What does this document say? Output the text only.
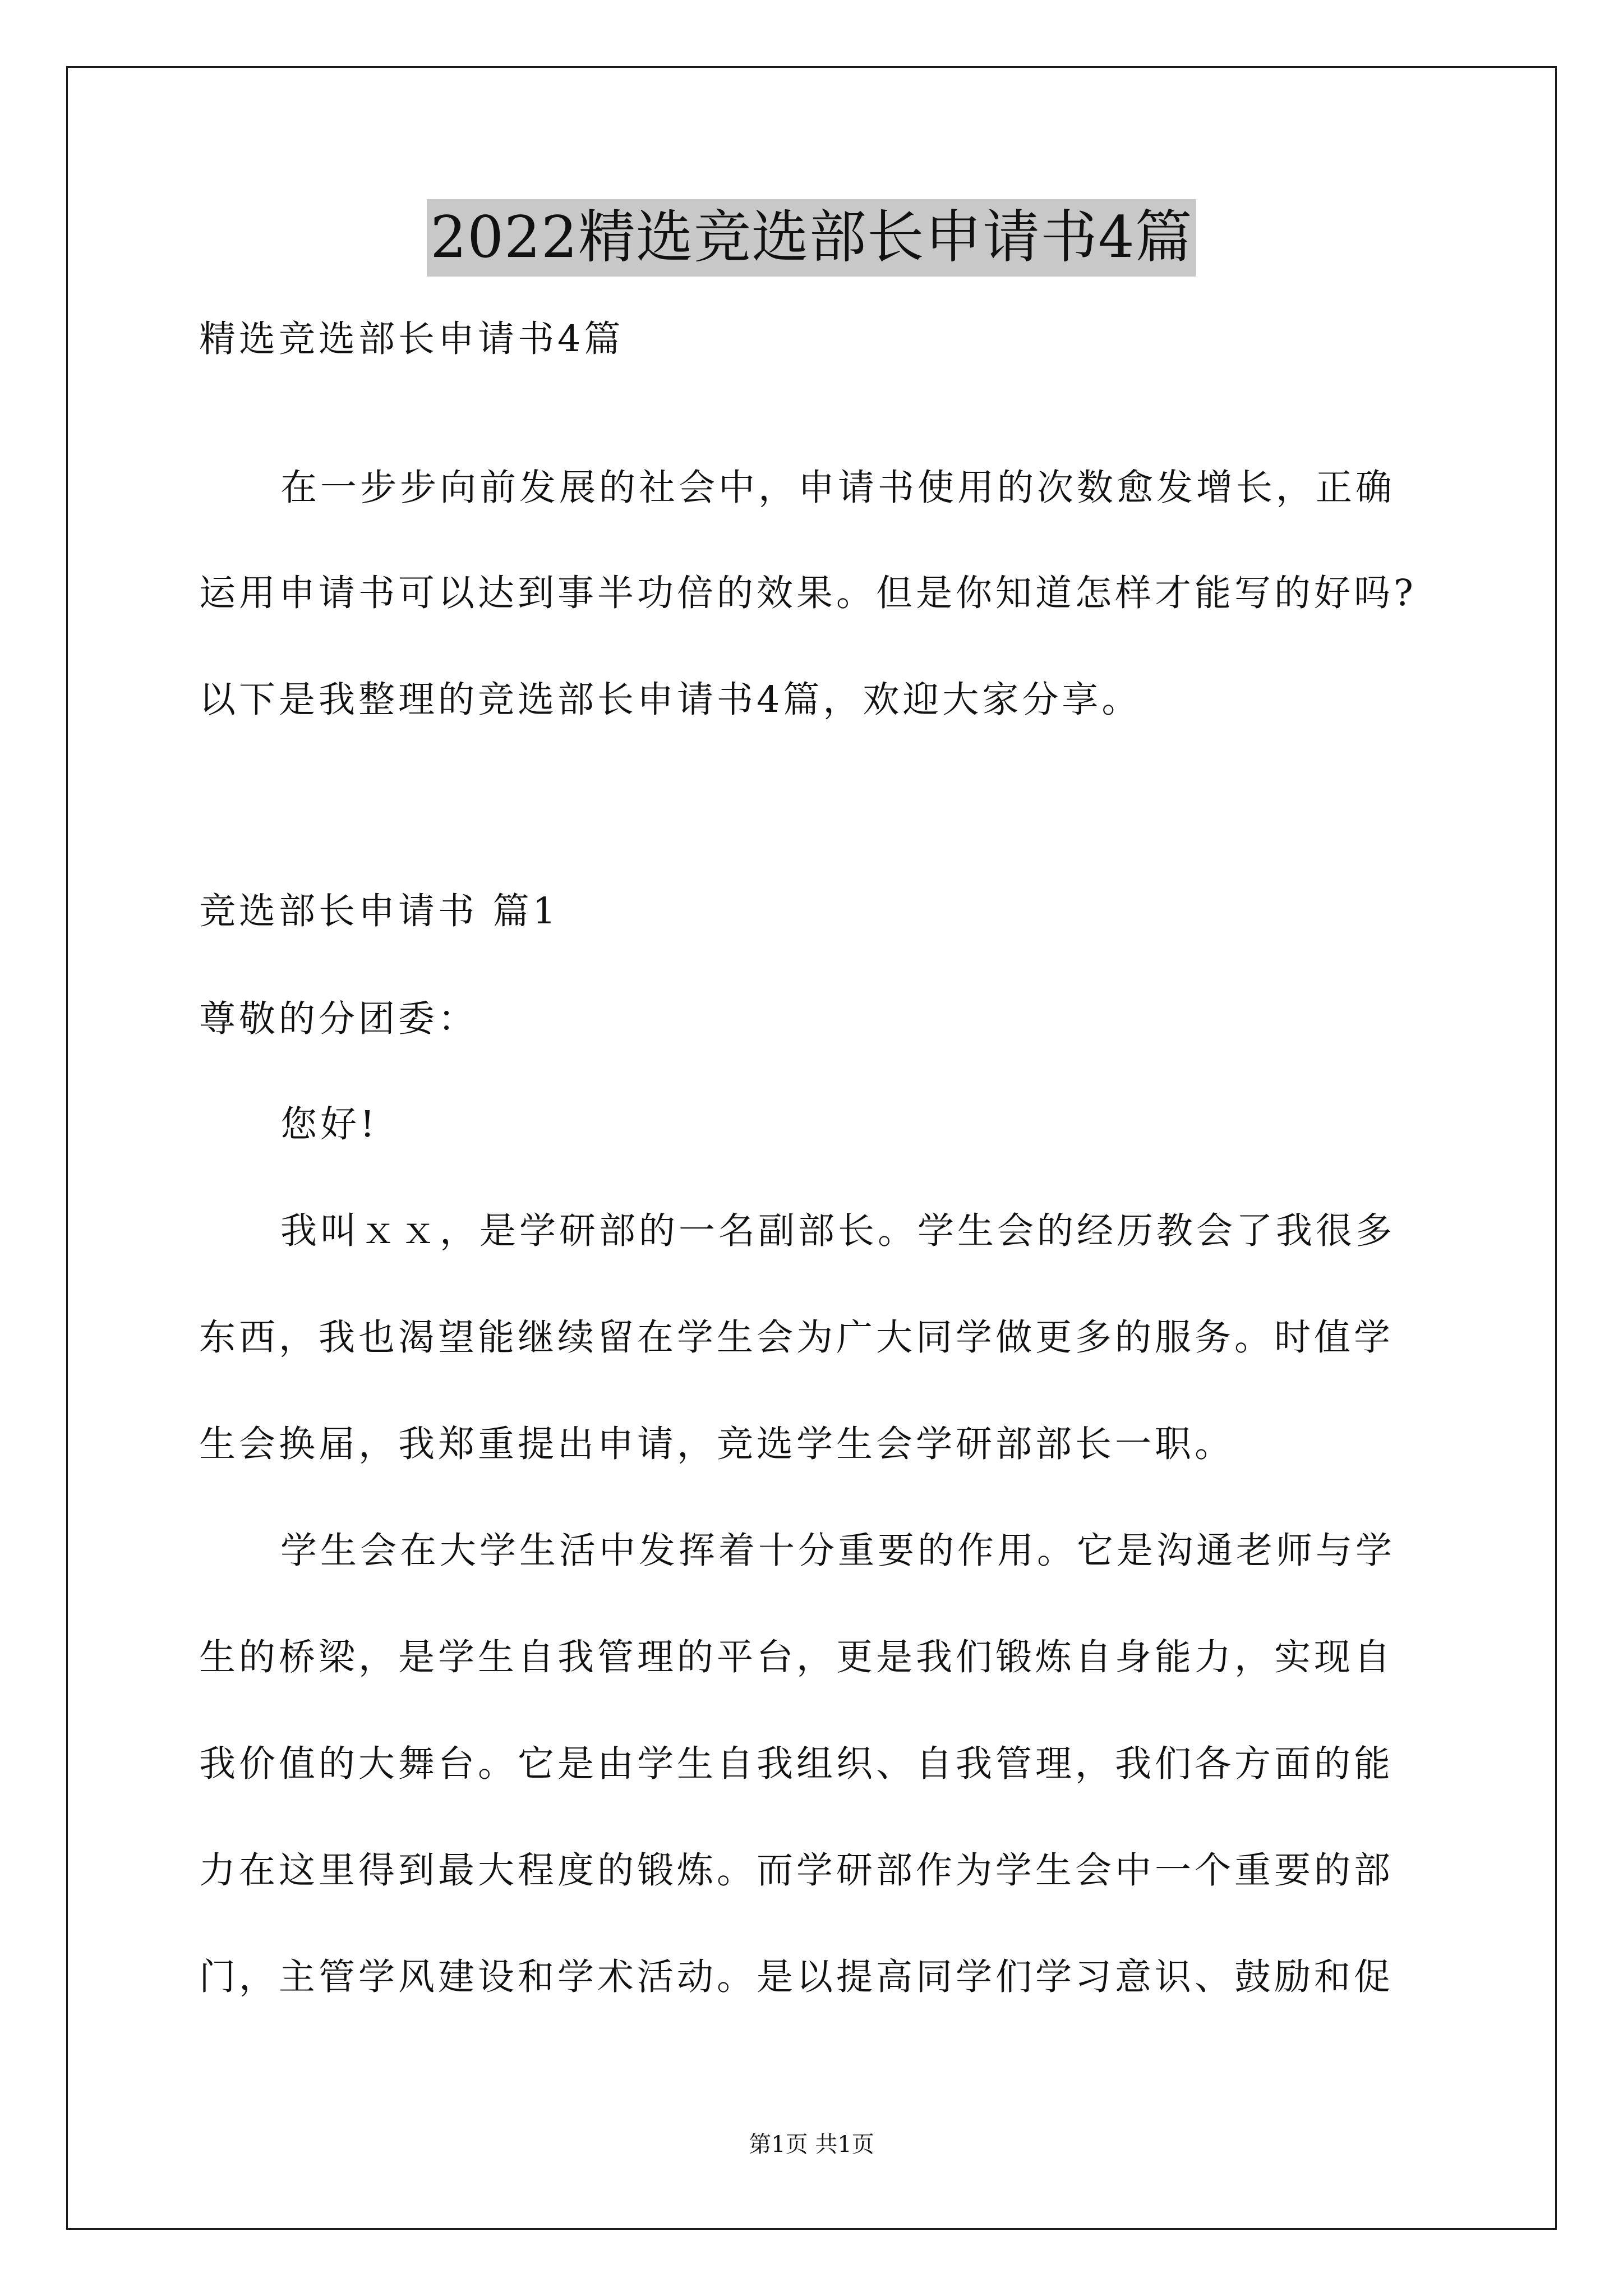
2022精选竞选部长申请书4篇
精选竞选部长申请书4篇
在一步步向前发展的社会中，申请书使用的次数愈发增长，正确
运用申请书可以达到事半功倍的效果。但是你知道怎样才能写的好吗?
以下是我整理的竞选部长申请书4篇，欢迎大家分享。
竞选部长申请书 篇1
尊敬的分团委：
您好!
我叫ｘｘ，是学研部的一名副部长。学生会的经历教会了我很多
东西，我也渴望能继续留在学生会为广大同学做更多的服务。时值学
生会换届，我郑重提出申请，竞选学生会学研部部长一职。
学生会在大学生活中发挥着十分重要的作用。它是沟通老师与学
生的桥梁，是学生自我管理的平台，更是我们锻炼自身能力，实现自
我价值的大舞台。它是由学生自我组织、自我管理，我们各方面的能
力在这里得到最大程度的锻炼。而学研部作为学生会中一个重要的部
门，主管学风建设和学术活动。是以提高同学们学习意识、鼓励和促
第1页 共1页
